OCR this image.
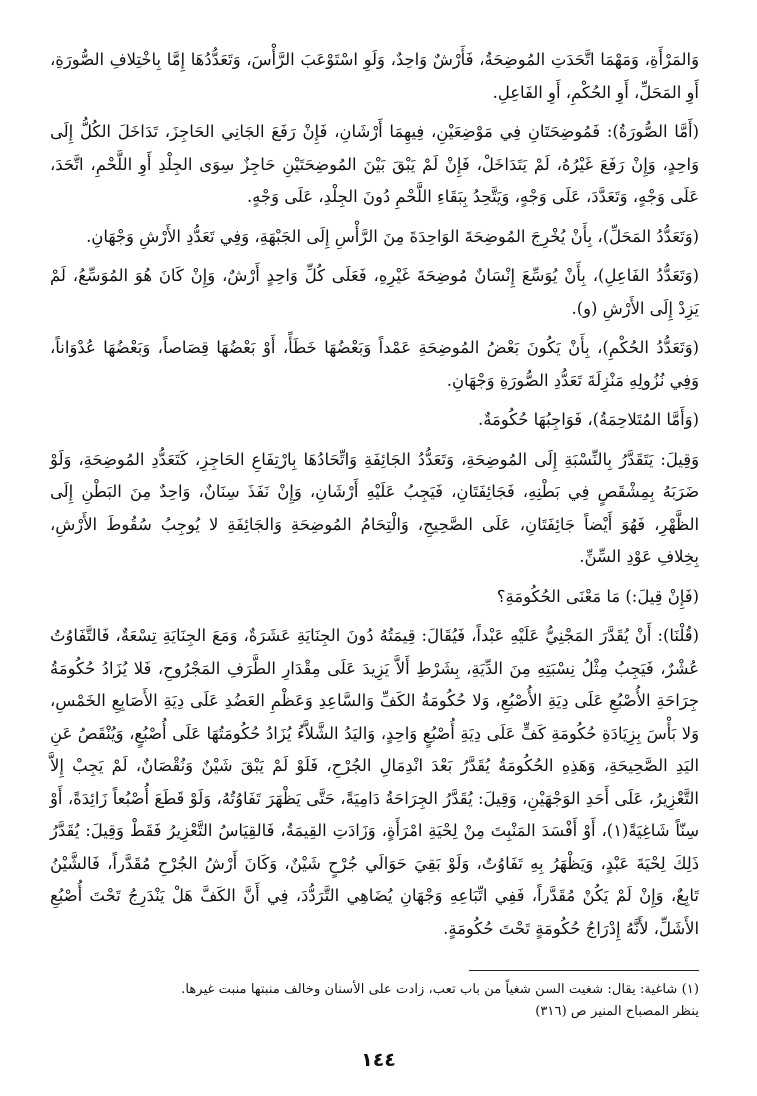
وَالمَرْأَةِ، وَمَهْمَا اتَّحَدَتِ المُوضِحَةُ، فَأَرْشٌ وَاحِدٌ، وَلَوِ اسْتَوْعَبَ الرَّأْسَ، وَتَعَدُّدُهَا إِمَّا بِاخْتِلافِ الصُّورَةِ، أَوِ المَحَلِّ، أَوِ الحُكْمِ، أَوِ الفَاعِلِ.

(أَمَّا الصُّورَةُ): فَمُوضِحَتَانِ فِي مَوْضِعَيْنِ، فِيهِمَا أَرْشَانِ، فَإِنْ رَفَعَ الجَانِي الحَاجِزَ، تَدَاخَلَ الكُلُّ إِلَى وَاحِدٍ، وَإِنْ رَفَعَ غَيْرُهُ، لَمْ يَتَدَاخَلْ، فَإِنْ لَمْ يَبْقَ بَيْنَ المُوضِحَتَيْنِ حَاجِزٌ سِوَى الجِلْدِ أَوِ اللَّحْمِ، اتَّحَدَ، عَلَى وَجْهٍ، وَتَعَدَّدَ، عَلَى وَجْهٍ، وَيَتَّحِدُ بِبَقَاءِ اللَّحْمِ دُونَ الجِلْدِ، عَلَى وَجْهٍ.

(وَتَعَدُّدُ المَحَلِّ)، بِأَنْ يُخْرِجَ المُوضِحَةَ الوَاحِدَةَ مِنَ الرَّأْسِ إِلَى الجَبْهَةِ، وَفِي تَعَدُّدِ الأَرْشِ وَجْهَانِ.

(وَتَعَدُّدُ الفَاعِلِ)، بِأَنْ يُوَسِّعَ إِنْسَانٌ مُوضِحَةَ غَيْرِهِ، فَعَلَى كُلِّ وَاحِدٍ أَرْشٌ، وَإِنْ كَانَ هُوَ المُوَسِّعُ، لَمْ يَزِدْ إِلَى الأَرْشِ (و).

(وَتَعَدُّدُ الحُكْمِ)، بِأَنْ يَكُونَ بَعْضُ المُوضِحَةِ عَمْداً وَبَعْضُهَا خَطَأً، أَوْ بَعْضُهَا قِصَاصاً، وَبَعْضُهَا عُدْوَاناً، وَفِي نُزُولِهِ مَنْزِلَةَ تَعَدُّدِ الصُّورَةِ وَجْهَانِ.

(وَأَمَّا المُتَلاحِمَةُ)، فَوَاجِبُهَا حُكُومَةٌ.

وَقِيلَ: يَتَقَدَّرُ بِالنِّسْبَةِ إِلَى المُوضِحَةِ، وَتَعَدُّدُ الجَائِفَةِ وَاتِّحَادُهَا بِارْتِفَاعِ الحَاجِزِ، كَتَعَدُّدِ المُوضِحَةِ، وَلَوْ ضَرَبَهُ بِمِشْقَصٍ فِي بَطْنِهِ، فَجَائِفَتَانِ، فَيَجِبُ عَلَيْهِ أَرْشَانِ، وَإِنْ نَفَذَ سِنَانٌ، وَاحِدٌ مِنَ البَطْنِ إِلَى الظَّهْرِ، فَهُوَ أَيْضاً جَائِفَتَانِ، عَلَى الصَّحِيحِ، وَالْتِحَامُ المُوضِحَةِ وَالجَائِفَةِ لا يُوجِبُ سُقُوطَ الأَرْشِ، بِخِلافِ عَوْدِ السِّنِّ.

(فَإِنْ قِيلَ:) مَا مَعْنَى الحُكُومَةِ؟

(قُلْنَا): أَنْ يُقَدَّرَ المَجْنِيُّ عَلَيْهِ عَبْداً، فَيُقَالَ: قِيمَتُهُ دُونَ الجِنَايَةِ عَشَرَةٌ، وَمَعَ الجِنَايَةِ تِسْعَةٌ، فَالتَّفَاوُتُ عُشْرٌ، فَيَجِبُ مِثْلُ نِسْبَتِهِ مِنَ الدِّيَةِ، بِشَرْطِ أَلاَّ يَزِيدَ عَلَى مِقْدَارِ الطَّرَفِ المَجْرُوحِ، فَلا يُزَادُ حُكُومَةُ جِرَاحَةِ الأُصْبُعِ عَلَى دِيَةِ الأُصْبُعِ، وَلا حُكُومَةُ الكَفِّ وَالسَّاعِدِ وَعَظْمِ العَضُدِ عَلَى دِيَةِ الأَصَابِعِ الخَمْسِ، وَلا بَأْسَ بِزِيَادَةِ حُكُومَةِ كَفٍّ عَلَى دِيَةِ أُصْبُعٍ وَاحِدٍ، وَاليَدُ الشَّلاَّءُ يُزَادُ حُكُومَتُهَا عَلَى أُصْبُعٍ، وَيُنْقَصُ عَنِ اليَدِ الصَّحِيحَةِ، وَهَذِهِ الحُكُومَةُ يُقَدَّرُ بَعْدَ انْدِمَالِ الجُرْحِ، فَلَوْ لَمْ يَبْقَ شَيْنٌ وَنُقْصَانٌ، لَمْ يَجِبْ إِلاَّ التَّعْزِيرُ، عَلَى أَحَدِ الوَجْهَيْنِ، وَقِيلَ: يُقَدَّرُ الجِرَاحَةُ دَامِيَةً، حَتَّى يَظْهَرَ تَفَاوُتُهُ، وَلَوْ قَطَعَ أُصْبُعاً زَائِدَةً، أَوْ سِنّاً شَاغِيَةً(١)، أَوْ أَفْسَدَ المَنْبِتَ مِنْ لِحْيَةِ امْرَأَةٍ، وَزَادَتِ القِيمَةُ، فَالقِيَاسُ التَّعْزِيرُ فَقَطْ وَقِيلَ: يُقَدَّرُ ذَلِكَ لِحْيَةَ عَبْدٍ، وَيَظْهَرُ بِهِ تَفَاوُتٌ، وَلَوْ بَقِيَ حَوَالَي جُرْحٍ شَيْنٌ، وَكَانَ أَرْشُ الجُرْحِ مُقَدَّراً، فَالشَّيْنُ تَابِعٌ، وَإِنْ لَمْ يَكُنْ مُقَدَّراً، فَفِي اتِّبَاعِهِ وَجْهَانِ يُضَاهِي التَّرَدُّدَ، فِي أَنَّ الكَفَّ هَلْ يَنْدَرِجُ تَحْتَ أُصْبُعِ الأَشَلِّ، لأَنَّهُ إِدْرَاجُ حُكُومَةٍ تَحْتَ حُكُومَةٍ.

(١) شاغية: يقال: شغيت السن شغياً من باب تعب، زادت على الأسنان وخالف منبتها منبت غيرها.

ينظر المصباح المنير ص (٣١٦)

١٤٤
